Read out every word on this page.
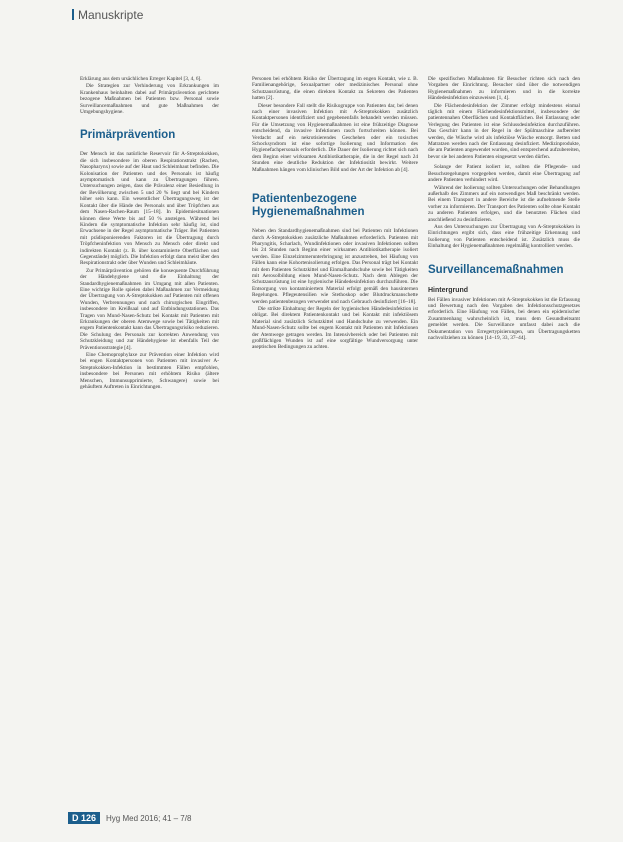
Manuskripte

Erklärung aus dem ursächlichen Erreger Kapitel [3, 4, 6].

Die Strategien zur Verhinderung von Erkrankungen im Krankenhaus beinhalten dabei auf Primärprävention gerichtete bezogene Maßnahmen bei Patienten bzw. Personal sowie Surveillancemaßnahmen und gute Maßnahmen der Umgebungshygiene.

Primärprävention

Der Mensch ist das natürliche Reservoir für A-Streptokokken, die sich insbesondere im oberen Respirationstrakt (Rachen, Nasopharynx) sowie auf der Haut und Schleimhaut befinden. Die Kolonisation der Patienten und des Personals ist häufig asymptomatisch und kann zu Übertragungen führen. Untersuchungen zeigen, dass die Prävalenz einer Besiedlung in der Bevölkerung zwischen 5 und 20 % liegt und bei Kindern höher sein kann. Ein wesentlicher Übertragungsweg ist der Kontakt über die Hände des Personals und über Tröpfchen aus dem Nasen-Rachen-Raum [15–18]. In Epidemiesituationen können diese Werte bis auf 50 % ansteigen. Während bei Kindern die symptomatische Infektion sehr häufig ist, sind Erwachsene in der Regel asymptomatische Träger. Bei Patienten mit prädisponierenden Faktoren ist die Übertragung durch Tröpfcheninfektion von Mensch zu Mensch oder direkt und indirekten Kontakt (z. B. über kontaminierte Oberflächen und Gegenstände) möglich. Die Infektion erfolgt dann meist über den Respirationstrakt oder über Wunden und Schleimhäute.

Zur Primärprävention gehören die konsequente Durchführung der Händehygiene und die Einhaltung der Standardhygienemaßnahmen im Umgang mit allen Patienten. Eine wichtige Rolle spielen dabei Maßnahmen zur Vermeidung der Übertragung von A-Streptokokken auf Patienten mit offenen Wunden, Verbrennungen und nach chirurgischen Eingriffen, insbesondere im Kreißsaal und auf Entbindungsstationen. Das Tragen von Mund-Nasen-Schutz bei Kontakt mit Patienten mit Erkrankungen der oberen Atemwege sowie bei Tätigkeiten mit engem Patientenkontakt kann das Übertragungsrisiko reduzieren. Die Schulung des Personals zur korrekten Anwendung von Schutzkleidung und zur Händehygiene ist ebenfalls Teil der Präventionsstrategie [4].

Eine Chemoprophylaxe zur Prävention einer Infektion wird bei engen Kontaktpersonen von Patienten mit invasiver A-Streptokokken-Infektion in bestimmten Fällen empfohlen, insbesondere bei Personen mit erhöhtem Risiko (ältere Menschen, Immunsupprimierte, Schwangere) sowie bei gehäuftem Auftreten in Einrichtungen.

Personen bei erhöhtem Risiko der Übertragung im engen Kontakt, wie z. B. Familienangehörige, Sexualpartner oder medizinisches Personal ohne Schutzausrüstung, die einen direkten Kontakt zu Sekreten des Patienten hatten [2].

Dieser besondere Fall stellt die Risikogruppe von Patienten dar, bei denen nach einer invasiven Infektion mit A-Streptokokken zusätzlich Kontaktpersonen identifiziert und gegebenenfalls behandelt werden müssen. Für die Umsetzung von Hygienemaßnahmen ist eine frühzeitige Diagnose entscheidend, da invasive Infektionen rasch fortschreiten können. Bei Verdacht auf ein nekrotisierendes Geschehen oder ein toxisches Schocksyndrom ist eine sofortige Isolierung und Information des Hygienefachpersonals erforderlich. Die Dauer der Isolierung richtet sich nach dem Beginn einer wirksamen Antibiotikatherapie, die in der Regel nach 24 Stunden eine deutliche Reduktion der Infektiosität bewirkt. Weitere Maßnahmen hängen vom klinischen Bild und der Art der Infektion ab [4].

Patientenbezogene Hygienemaßnahmen

Neben den Standardhygienemaßnahmen sind bei Patienten mit Infektionen durch A-Streptokokken zusätzliche Maßnahmen erforderlich. Patienten mit Pharyngitis, Scharlach, Wundinfektionen oder invasiven Infektionen sollten bis 24 Stunden nach Beginn einer wirksamen Antibiotikatherapie isoliert werden. Eine Einzelzimmerunterbringung ist anzustreben, bei Häufung von Fällen kann eine Kohortenisolierung erfolgen. Das Personal trägt bei Kontakt mit dem Patienten Schutzkittel und Einmalhandschuhe sowie bei Tätigkeiten mit Aerosolbildung einen Mund-Nasen-Schutz. Nach dem Ablegen der Schutzausrüstung ist eine hygienische Händedesinfektion durchzuführen. Die Entsorgung von kontaminiertem Material erfolgt gemäß den hausinternen Regelungen. Pflegeutensilien wie Stethoskop oder Blutdruckmanschette werden patientenbezogen verwendet und nach Gebrauch desinfiziert [16–18].

Die strikte Einhaltung der Regeln der hygienischen Händedesinfektion ist obligat. Bei direktem Patientenkontakt und bei Kontakt mit infektiösem Material sind zusätzlich Schutzkittel und Handschuhe zu verwenden. Ein Mund-Nasen-Schutz sollte bei engem Kontakt mit Patienten mit Infektionen der Atemwege getragen werden. Im Intensivbereich oder bei Patienten mit großflächigen Wunden ist auf eine sorgfältige Wundversorgung unter aseptischen Bedingungen zu achten.

Die spezifischen Maßnahmen für Besucher richten sich nach den Vorgaben der Einrichtung. Besucher sind über die notwendigen Hygienemaßnahmen zu informieren und in die korrekte Händedesinfektion einzuweisen [1, 4].

Die Flächendesinfektion der Zimmer erfolgt mindestens einmal täglich mit einem Flächendesinfektionsmittel, insbesondere der patientennahen Oberflächen und Kontaktflächen. Bei Entlassung oder Verlegung des Patienten ist eine Schlussdesinfektion durchzuführen. Das Geschirr kann in der Regel in der Spülmaschine aufbereitet werden, die Wäsche wird als infektiöse Wäsche entsorgt. Betten und Matratzen werden nach der Entlassung desinfiziert. Medizinprodukte, die am Patienten angewendet wurden, sind entsprechend aufzubereiten, bevor sie bei anderen Patienten eingesetzt werden dürfen.

Solange der Patient isoliert ist, sollten die Pflegende- und Besuchsregelungen vorgegeben werden, damit eine Übertragung auf andere Patienten verhindert wird.

Während der Isolierung sollten Untersuchungen oder Behandlungen außerhalb des Zimmers auf ein notwendiges Maß beschränkt werden. Bei einem Transport in andere Bereiche ist die aufnehmende Stelle vorher zu informieren. Der Transport des Patienten sollte ohne Kontakt zu anderen Patienten erfolgen, und die benutzten Flächen sind anschließend zu desinfizieren.

Aus den Untersuchungen zur Übertragung von A-Streptokokken in Einrichtungen ergibt sich, dass eine frühzeitige Erkennung und Isolierung von Patienten entscheidend ist. Zusätzlich muss die Einhaltung der Hygienemaßnahmen regelmäßig kontrolliert werden.

Surveillancemaßnahmen
Hintergrund

Bei Fällen invasiver Infektionen mit A-Streptokokken ist die Erfassung und Bewertung nach den Vorgaben des Infektionsschutzgesetzes erforderlich. Eine Häufung von Fällen, bei denen ein epidemischer Zusammenhang wahrscheinlich ist, muss dem Gesundheitsamt gemeldet werden. Die Surveillance umfasst dabei auch die Dokumentation von Erregertypisierungen, um Übertragungsketten nachvollziehen zu können [14–19, 33, 37–44].

D 126	Hyg Med 2016; 41 – 7/8
